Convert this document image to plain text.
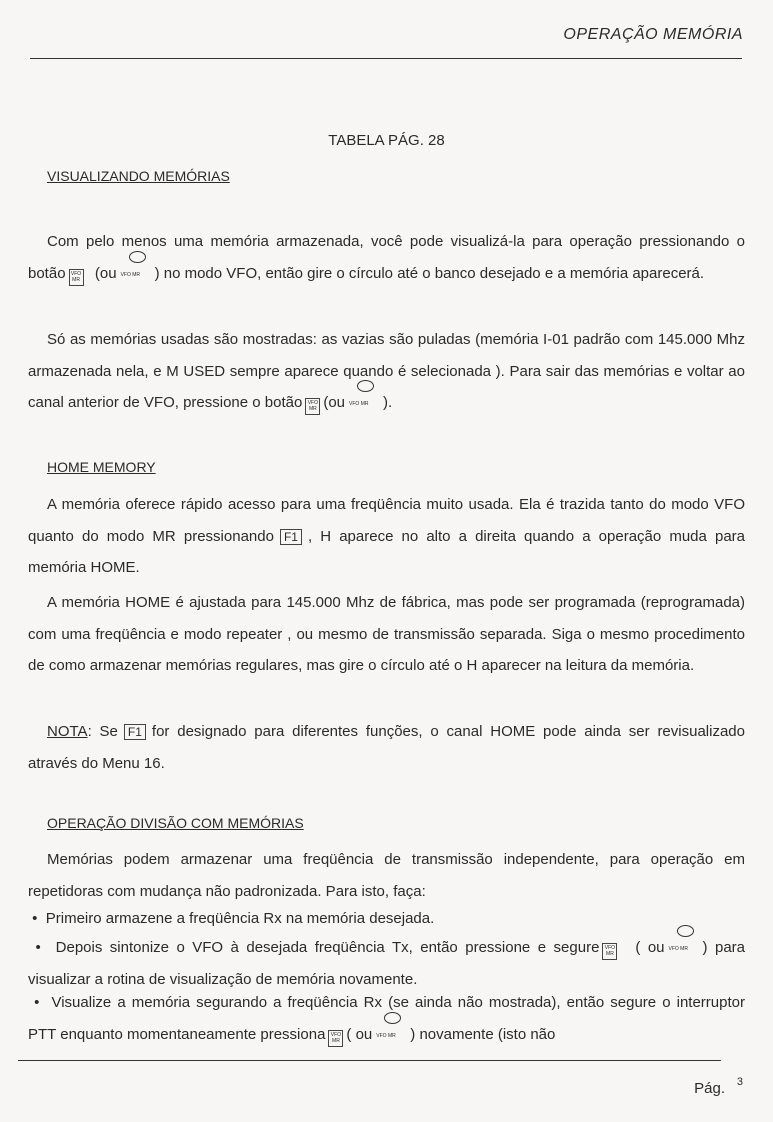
OPERAÇÃO MEMÓRIA
TABELA PÁG. 28
VISUALIZANDO MEMÓRIAS
Com pelo menos uma memória armazenada, você pode visualizá-la para operação pressionando o botão VFO MR (ou VFO MR ) no modo VFO, então gire o círculo até o banco desejado e a memória aparecerá.
Só as memórias usadas são mostradas: as vazias são puladas (memória I-01 padrão com 145.000 Mhz armazenada nela, e M USED sempre aparece quando é selecionada ). Para sair das memórias e voltar ao canal anterior de VFO, pressione o botão VFO MR (ou VFO MR ).
HOME MEMORY
A memória oferece rápido acesso para uma freqüência muito usada. Ela é trazida tanto do modo VFO quanto do modo MR pressionando F1 , H aparece no alto a direita quando a operação muda para memória HOME.
A memória HOME é ajustada para 145.000 Mhz de fábrica, mas pode ser programada (reprogramada) com uma freqüência e modo repeater , ou mesmo de transmissão separada. Siga o mesmo procedimento de como armazenar memórias regulares, mas gire o círculo até o H aparecer na leitura da memória.
NOTA: Se F1 for designado para diferentes funções, o canal HOME pode ainda ser revisualizado através do Menu 16.
OPERAÇÃO DIVISÃO COM MEMÓRIAS
Memórias podem armazenar uma freqüência de transmissão independente, para operação em repetidoras com mudança não padronizada. Para isto, faça:
•  Primeiro armazene a freqüência Rx na memória desejada.
•  Depois sintonize o VFO à desejada freqüência Tx, então pressione e segure VFO MR ( ou VFO MR ) para visualizar a rotina de visualização de memória novamente.
•  Visualize a memória segurando a freqüência Rx (se ainda não mostrada), então segure o interruptor PTT enquanto momentaneamente pressiona VFO MR ( ou VFO MR ) novamente (isto não
Pág. 3
